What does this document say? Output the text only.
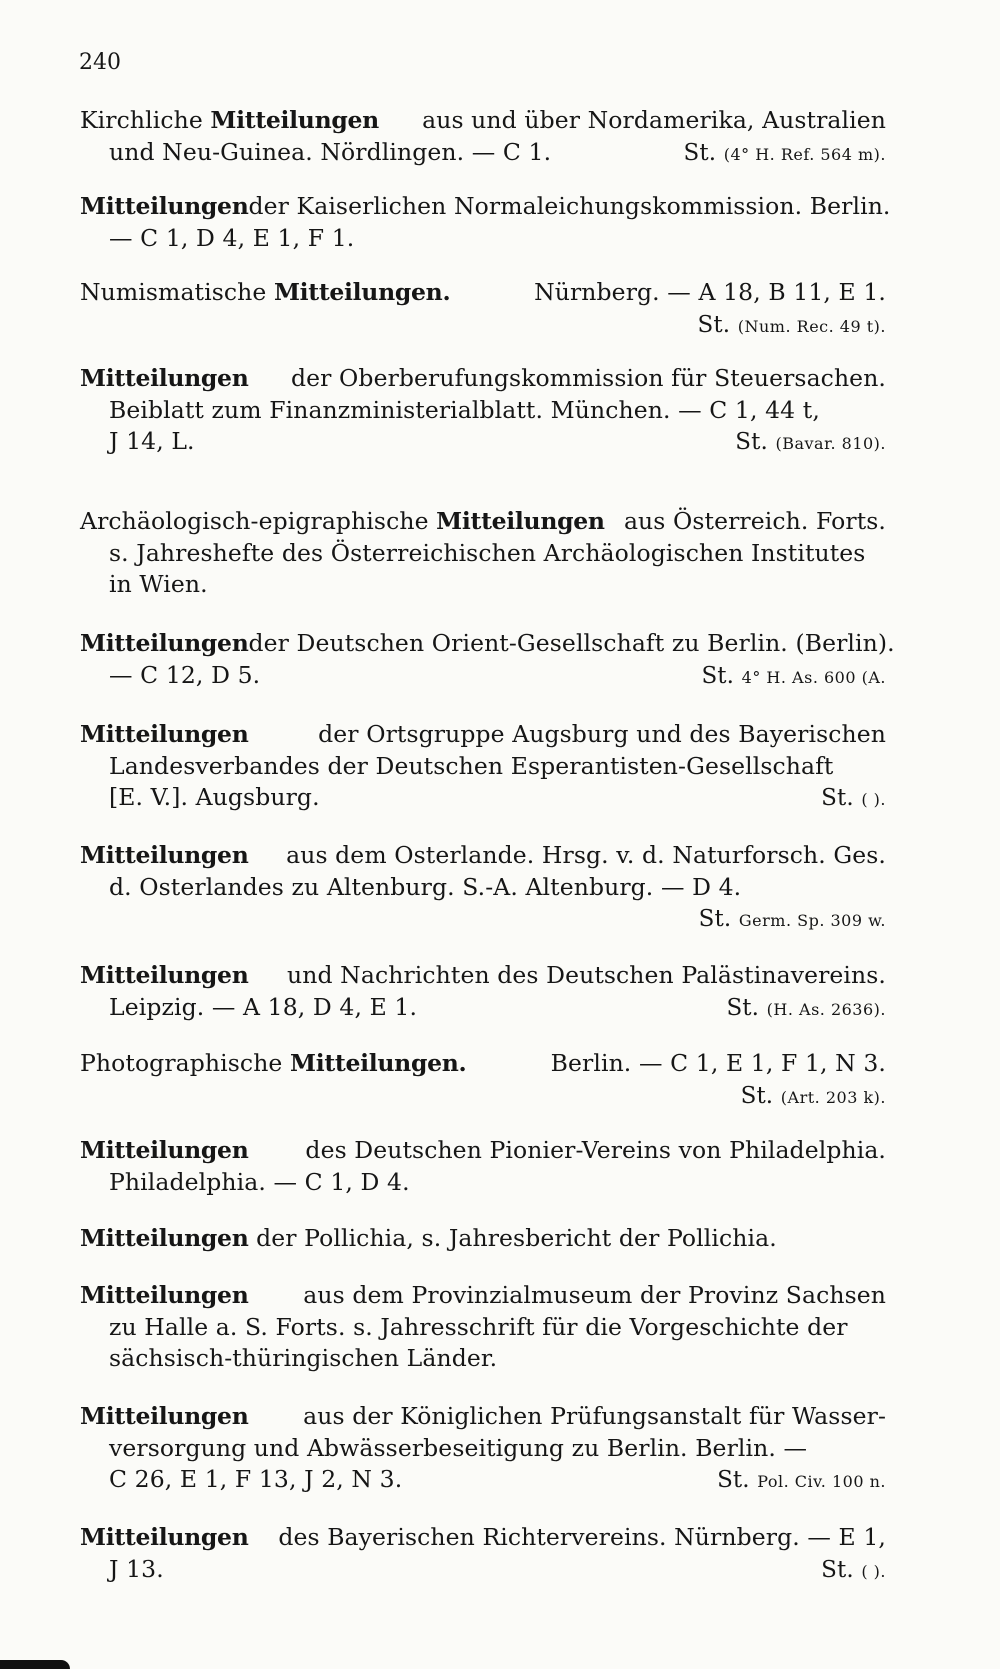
240
Kirchliche Mitteilungen aus und über Nordamerika, Australien
und Neu-Guinea. Nördlingen. — C 1.	St. (4° H. Ref. 564 m).
Mitteilungen der Kaiserlichen Normaleichungskommission. Berlin.
— C 1, D 4, E 1, F 1.
Numismatische Mitteilungen.	Nürnberg. — A 18, B 11, E 1.
St. (Num. Rec. 49 t).
Mitteilungen der Oberberufungskommission für Steuersachen.
Beiblatt zum Finanzministerialblatt. München. — C 1, 44 t,
J 14, L.	St. (Bavar. 810).
Archäologisch-epigraphische Mitteilungen aus Österreich. Forts.
s. Jahreshefte des Österreichischen Archäologischen Institutes
in Wien.
Mitteilungen der Deutschen Orient-Gesellschaft zu Berlin. (Berlin).
— C 12, D 5.	St. 4° H. As. 600 (A.
Mitteilungen	der Ortsgruppe Augsburg und des Bayerischen
Landesverbandes der Deutschen Esperantisten-Gesellschaft
[E. V.]. Augsburg.	St. ( ).
Mitteilungen aus dem Osterlande. Hrsg. v. d. Naturforsch. Ges.
d. Osterlandes zu Altenburg. S.-A. Altenburg. — D 4.
St. Germ. Sp. 309 w.
Mitteilungen und Nachrichten des Deutschen Palästinavereins.
Leipzig. — A 18, D 4, E 1.	St. (H. As. 2636).
Photographische Mitteilungen.	Berlin. — C 1, E 1, F 1, N 3.
St. (Art. 203 k).
Mitteilungen des Deutschen Pionier-Vereins von Philadelphia.
Philadelphia. — C 1, D 4.
Mitteilungen der Pollichia, s. Jahresbericht der Pollichia.
Mitteilungen aus dem Provinzialmuseum der Provinz Sachsen
zu Halle a. S. Forts. s. Jahresschrift für die Vorgeschichte der
sächsisch-thüringischen Länder.
Mitteilungen aus der Königlichen Prüfungsanstalt für Wasser-
versorgung und Abwässerbeseitigung zu Berlin. Berlin. —
C 26, E 1, F 13, J 2, N 3.	St. Pol. Civ. 100 n.
Mitteilungen des Bayerischen Richtervereins. Nürnberg. — E 1,
J 13.	St. ( ).
